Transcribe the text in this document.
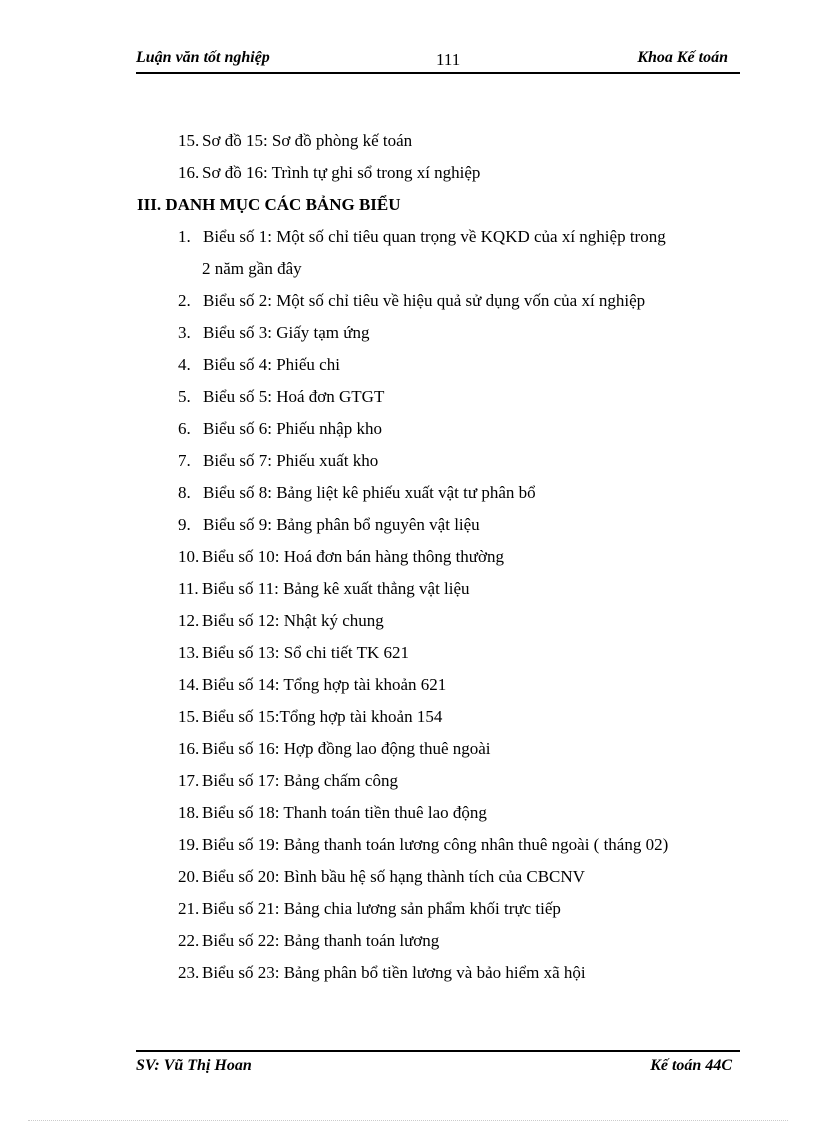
Luận văn tốt nghiệp	111	Khoa Kế toán
15. Sơ đồ 15: Sơ đồ phòng kế toán
16. Sơ đồ 16: Trình tự ghi sổ trong xí nghiệp
III. DANH MỤC CÁC BẢNG BIỂU
1. Biểu số 1: Một số chỉ tiêu quan trọng về KQKD của xí nghiệp trong
2 năm gần đây
2. Biểu số 2: Một số chỉ tiêu về hiệu quả sử dụng vốn của xí nghiệp
3. Biểu số 3: Giấy tạm ứng
4. Biểu số 4: Phiếu chi
5. Biểu số 5: Hoá đơn GTGT
6. Biểu số 6: Phiếu nhập kho
7. Biểu số 7: Phiếu xuất kho
8. Biểu số 8: Bảng liệt kê phiếu xuất vật tư phân bổ
9. Biểu số 9: Bảng phân bổ nguyên vật liệu
10. Biểu số 10: Hoá đơn bán hàng thông thường
11. Biểu số 11: Bảng kê xuất thẳng vật liệu
12. Biểu số 12: Nhật ký chung
13. Biểu số 13: Sổ chi tiết TK 621
14. Biểu số 14: Tổng hợp tài khoản 621
15. Biểu số 15:Tổng hợp tài khoản 154
16. Biểu số 16: Hợp đồng lao động thuê ngoài
17. Biểu số 17: Bảng chấm công
18. Biểu số 18: Thanh toán tiền thuê lao động
19. Biểu số 19: Bảng thanh toán lương công nhân thuê ngoài ( tháng 02)
20. Biểu số 20: Bình bầu hệ số hạng thành tích của CBCNV
21. Biểu số 21: Bảng chia lương sản phẩm khối trực tiếp
22. Biểu số 22: Bảng thanh toán lương
23. Biểu số 23: Bảng phân bổ tiền lương và bảo hiểm xã hội
SV: Vũ Thị Hoan	Kế toán 44C
